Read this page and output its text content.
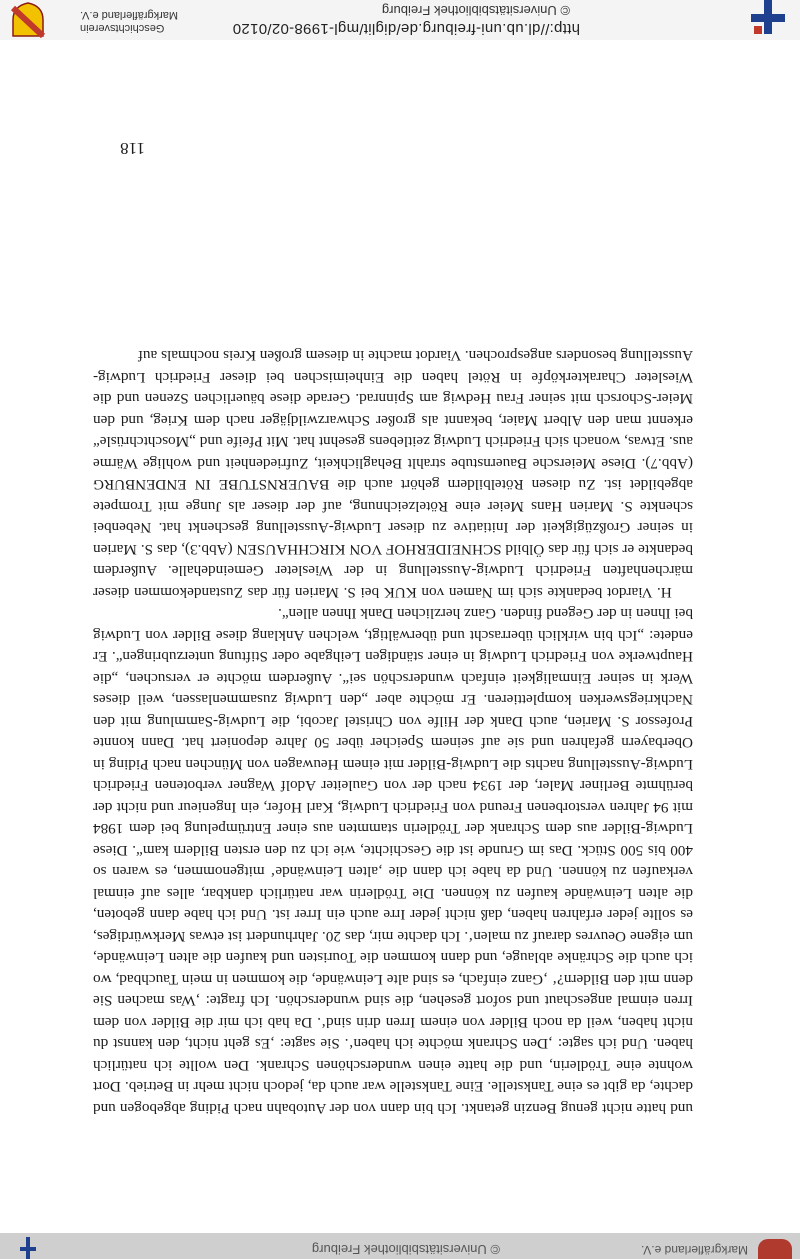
Markgräflerland e.V.
© Universitätsbibliothek Freiburg

und hatte nicht genug Benzin getankt. Ich bin dann von der Autobahn nach Piding abgebogen und dachte, da gibt es eine Tankstelle. Eine Tankstelle war auch da, jedoch nicht mehr in Betrieb. Dort wohnte eine Trödlerin, und die hatte einen wunderschönen Schrank. Den wollte ich natürlich haben. Und ich sagte: ‚Den Schrank möchte ich haben‘. Sie sagte: ‚Es geht nicht, den kannst du nicht haben, weil da noch Bilder von einem Irren drin sind‘. Da hab ich mir die Bilder von dem Irren einmal angeschaut und sofort gesehen, die sind wunderschön. Ich fragte: ‚Was machen Sie denn mit den Bildern?‘ ‚Ganz einfach, es sind alte Leinwände, die kommen in mein Tauchbad, wo ich auch die Schränke ablauge, und dann kommen die Touristen und kaufen die alten Leinwände, um eigene Oeuvres darauf zu malen‘. Ich dachte mir, das 20. Jahrhundert ist etwas Merkwürdiges, es sollte jeder erfahren haben, daß nicht jeder Irre auch ein Irrer ist. Und ich habe dann geboten, die alten Leinwände kaufen zu können. Die Trödlerin war natürlich dankbar, alles auf einmal verkaufen zu können. Und da habe ich dann die ‚alten Leinwände‘ mitgenommen, es waren so 400 bis 500 Stück. Das im Grunde ist die Geschichte, wie ich zu den ersten Bildern kam“. Diese Ludwig-Bilder aus dem Schrank der Trödlerin stammten aus einer Entrümpelung bei dem 1984 mit 94 Jahren verstorbenen Freund von Friedrich Ludwig, Karl Hofer, ein Ingenieur und nicht der berühmte Berliner Maler, der 1934 nach der von Gauleiter Adolf Wagner verbotenen Friedrich Ludwig-Ausstellung nachts die Ludwig-Bilder mit einem Heuwagen von München nach Piding in Oberbayern gefahren und sie auf seinem Speicher über 50 Jahre deponiert hat. Dann konnte Professor S. Marien, auch Dank der Hilfe von Christel Jacobi, die Ludwig-Sammlung mit den Nachkriegswerken komplettieren. Er möchte aber „den Ludwig zusammenlassen, weil dieses Werk in seiner Einmaligkeit einfach wunderschön sei“. Außerdem möchte er versuchen, „die Hauptwerke von Friedrich Ludwig in einer ständigen Leihgabe oder Stiftung unterzubringen“. Er endete: „Ich bin wirklich überrascht und überwältigt, welchen Anklang diese Bilder von Ludwig bei Ihnen in der Gegend finden. Ganz herzlichen Dank Ihnen allen“.

H. Viardot bedankte sich im Namen von KUK bei S. Marien für das Zustandekommen dieser märchenhaften Friedrich Ludwig-Ausstellung in der Wiesleter Gemeindehalle. Außerdem bedankte er sich für das Ölbild SCHNEIDERHOF VON KIRCHHAUSEN (Abb.3), das S. Marien in seiner Großzügigkeit der Initiative zu dieser Ludwig-Ausstellung geschenkt hat. Nebenbei schenkte S. Marien Hans Meier eine Rötelzeichnung, auf der dieser als Junge mit Trompete abgebildet ist. Zu diesen Rötelbildern gehört auch die BAUERNSTUBE IN ENDENBURG (Abb.7). Diese Meiersche Bauernstube strahlt Behaglichkeit, Zufriedenheit und wohlige Wärme aus. Etwas, wonach sich Friedrich Ludwig zeitlebens gesehnt hat. Mit Pfeife und „Moschtchrüsle“ erkennt man den Albert Maier, bekannt als großer Schwarzwildjäger nach dem Krieg, und den Meier-Schorsch mit seiner Frau Hedwig am Spinnrad. Gerade diese bäuerlichen Szenen und die Wiesleter Charakterköpfe in Rötel haben die Einheimischen bei dieser Friedrich Ludwig-Ausstellung besonders angesprochen. Viardot machte in diesem großen Kreis nochmals auf

118
http://dl.ub.uni-freiburg.de/diglit/mgl-1998-02/0120
© Universitätsbibliothek Freiburg
Geschichtsverein
Markgräflerland e.V.
